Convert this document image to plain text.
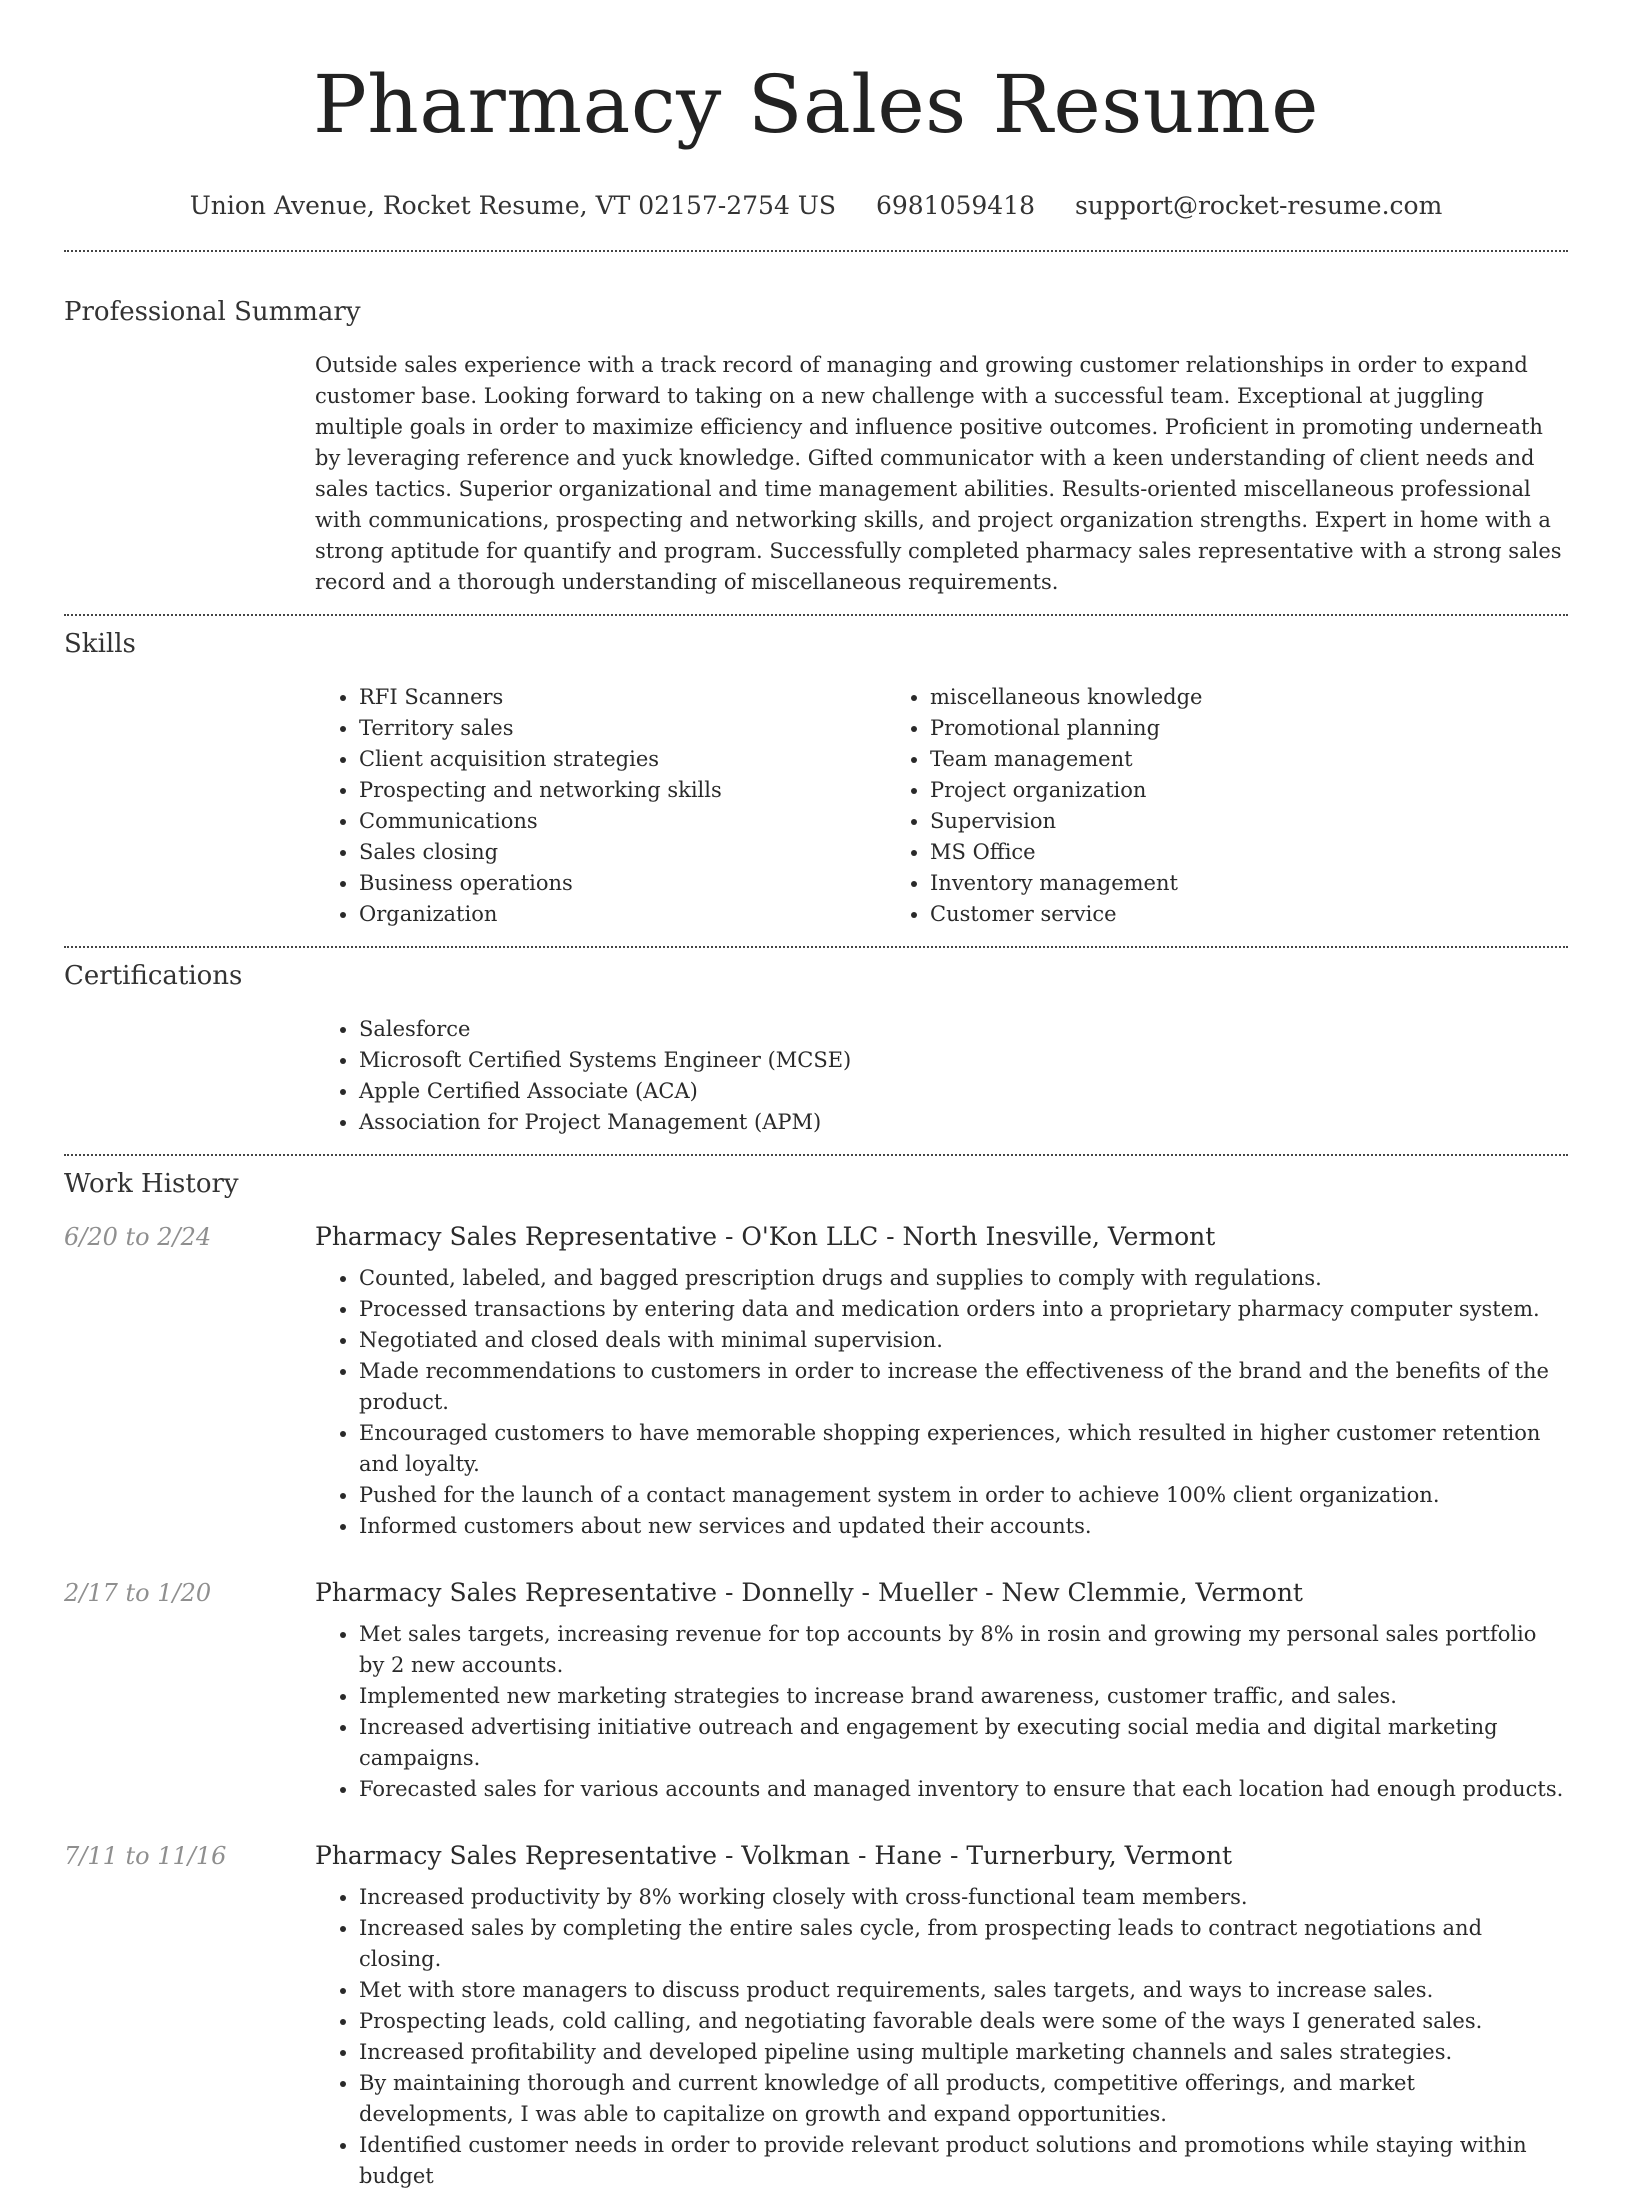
Pharmacy Sales Resume
Union Avenue, Rocket Resume, VT 02157-2754 US 6981059418 support@rocket-resume.com
Professional Summary
Outside sales experience with a track record of managing and growing customer relationships in order to expand customer base. Looking forward to taking on a new challenge with a successful team. Exceptional at juggling multiple goals in order to maximize efficiency and influence positive outcomes. Proficient in promoting underneath by leveraging reference and yuck knowledge. Gifted communicator with a keen understanding of client needs and sales tactics. Superior organizational and time management abilities. Results-oriented miscellaneous professional with communications, prospecting and networking skills, and project organization strengths. Expert in home with a strong aptitude for quantify and program. Successfully completed pharmacy sales representative with a strong sales record and a thorough understanding of miscellaneous requirements.
Skills
• RFI Scanners
• Territory sales
• Client acquisition strategies
• Prospecting and networking skills
• Communications
• Sales closing
• Business operations
• Organization
• miscellaneous knowledge
• Promotional planning
• Team management
• Project organization
• Supervision
• MS Office
• Inventory management
• Customer service
Certifications
• Salesforce
• Microsoft Certified Systems Engineer (MCSE)
• Apple Certified Associate (ACA)
• Association for Project Management (APM)
Work History
6/20 to 2/24	Pharmacy Sales Representative - O'Kon LLC - North Inesville, Vermont
• Counted, labeled, and bagged prescription drugs and supplies to comply with regulations.
• Processed transactions by entering data and medication orders into a proprietary pharmacy computer system.
• Negotiated and closed deals with minimal supervision.
• Made recommendations to customers in order to increase the effectiveness of the brand and the benefits of the product.
• Encouraged customers to have memorable shopping experiences, which resulted in higher customer retention and loyalty.
• Pushed for the launch of a contact management system in order to achieve 100% client organization.
• Informed customers about new services and updated their accounts.
2/17 to 1/20	Pharmacy Sales Representative - Donnelly - Mueller - New Clemmie, Vermont
• Met sales targets, increasing revenue for top accounts by 8% in rosin and growing my personal sales portfolio by 2 new accounts.
• Implemented new marketing strategies to increase brand awareness, customer traffic, and sales.
• Increased advertising initiative outreach and engagement by executing social media and digital marketing campaigns.
• Forecasted sales for various accounts and managed inventory to ensure that each location had enough products.
7/11 to 11/16	Pharmacy Sales Representative - Volkman - Hane - Turnerbury, Vermont
• Increased productivity by 8% working closely with cross-functional team members.
• Increased sales by completing the entire sales cycle, from prospecting leads to contract negotiations and closing.
• Met with store managers to discuss product requirements, sales targets, and ways to increase sales.
• Prospecting leads, cold calling, and negotiating favorable deals were some of the ways I generated sales.
• Increased profitability and developed pipeline using multiple marketing channels and sales strategies.
• By maintaining thorough and current knowledge of all products, competitive offerings, and market developments, I was able to capitalize on growth and expand opportunities.
• Identified customer needs in order to provide relevant product solutions and promotions while staying within budget
